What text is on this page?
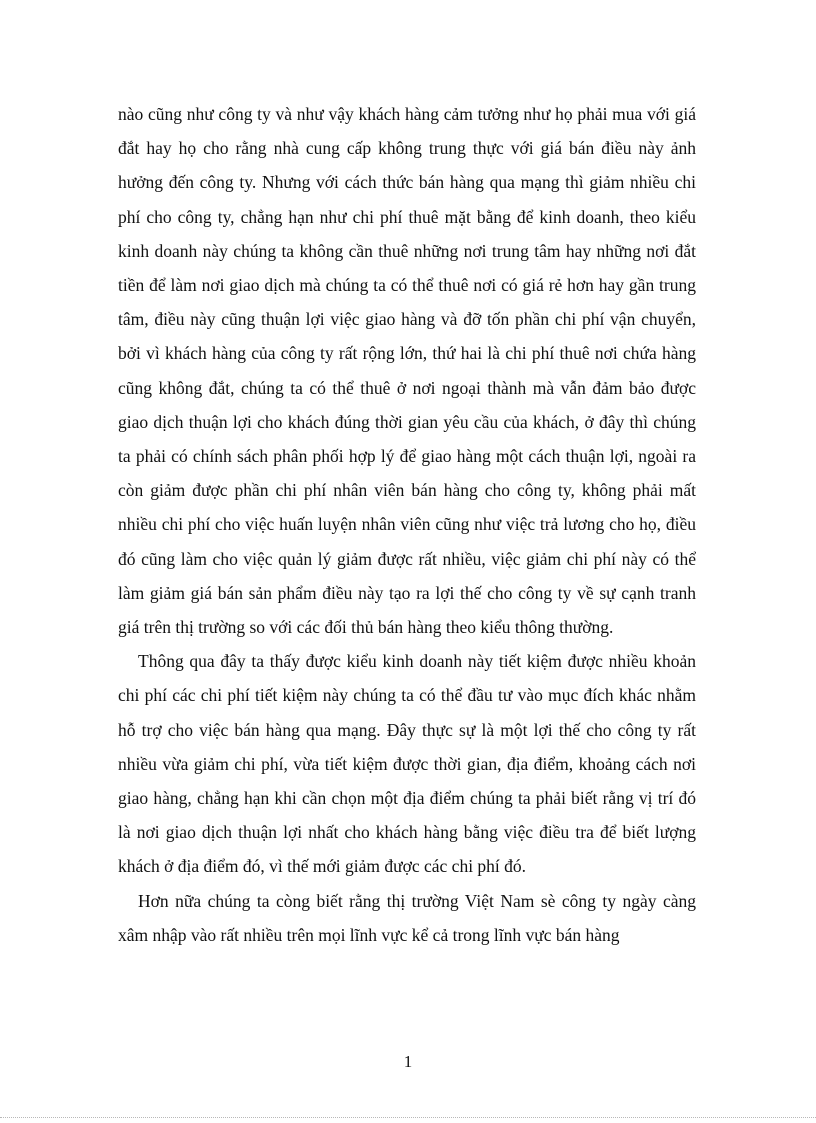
nào cũng như công ty và như vậy khách hàng cảm tưởng như họ phải mua với giá đắt hay họ cho rằng nhà cung cấp không trung thực với giá bán điều này ảnh hưởng đến công ty. Nhưng với cách thức bán hàng qua mạng thì giảm nhiều chi phí cho công ty, chẳng hạn như chi phí thuê mặt bằng để kinh doanh, theo kiểu kinh doanh này chúng ta không cần thuê những nơi trung tâm hay những nơi đắt tiền để làm nơi giao dịch mà chúng ta có thể thuê nơi có giá rẻ hơn hay gần trung tâm, điều này cũng thuận lợi việc giao hàng và đỡ tốn phần chi phí vận chuyển, bởi vì khách hàng của công ty rất rộng lớn, thứ hai là chi phí thuê nơi chứa hàng cũng không đắt, chúng ta có thể thuê ở nơi ngoại thành mà vẫn đảm bảo được giao dịch thuận lợi cho khách đúng thời gian yêu cầu của khách, ở đây thì chúng ta phải có chính sách phân phối hợp lý để giao hàng một cách thuận lợi, ngoài ra còn giảm được phần chi phí nhân viên bán hàng cho công ty, không phải mất nhiều chi phí cho việc huấn luyện nhân viên cũng như việc trả lương cho họ, điều đó cũng làm cho việc quản lý giảm được rất nhiều, việc giảm chi phí này có thể làm giảm giá bán sản phẩm điều này tạo ra lợi thế cho công ty về sự cạnh tranh giá trên thị trường so với các đối thủ bán hàng theo kiểu thông thường.

Thông qua đây ta thấy được kiểu kinh doanh này tiết kiệm được nhiều khoản chi phí các chi phí tiết kiệm này chúng ta có thể đầu tư vào mục đích khác nhằm hỗ trợ cho việc bán hàng qua mạng. Đây thực sự là một lợi thế cho công ty rất nhiều vừa giảm chi phí, vừa tiết kiệm được thời gian, địa điểm, khoảng cách nơi giao hàng, chẳng hạn khi cần chọn một địa điểm chúng ta phải biết rằng vị trí đó là nơi giao dịch thuận lợi nhất cho khách hàng bằng việc điều tra để biết lượng khách ở địa điểm đó, vì thế mới giảm được các chi phí đó.

Hơn nữa chúng ta còng biết rằng thị trường Việt Nam sè công ty ngày càng xâm nhập vào rất nhiều trên mọi lĩnh vực kể cả trong lĩnh vực bán hàng

1
